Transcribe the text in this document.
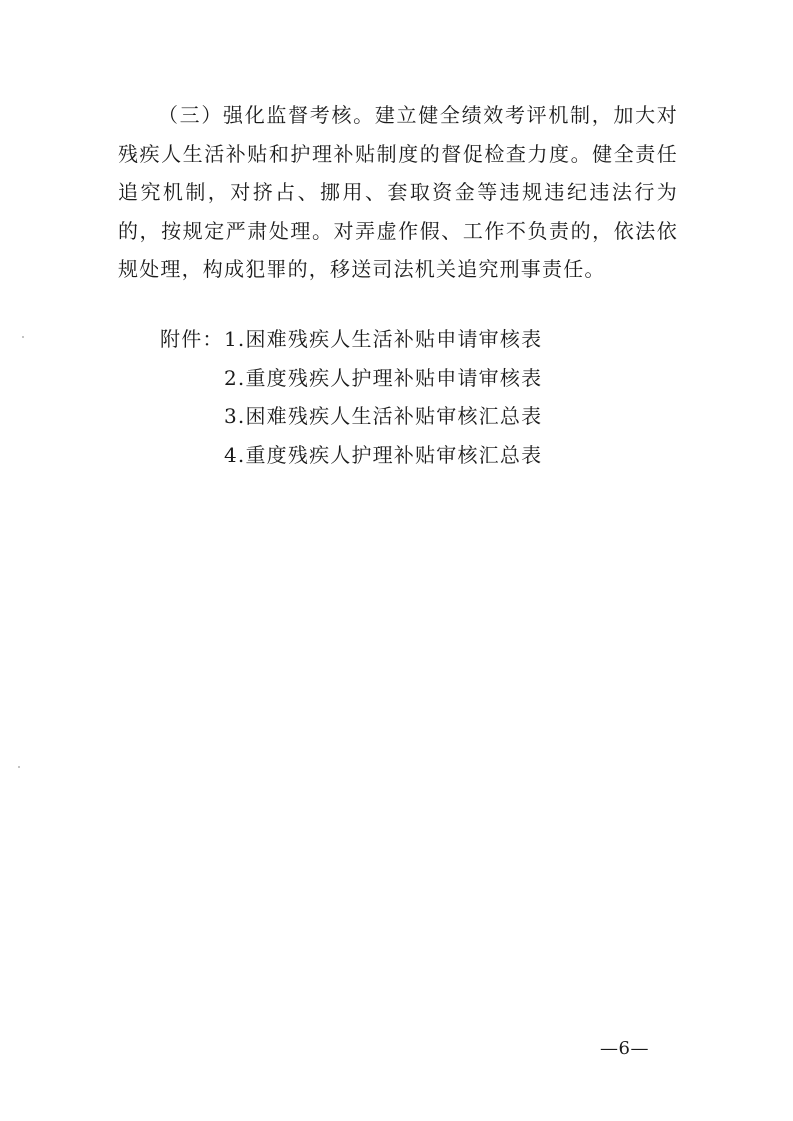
（三）强化监督考核。建立健全绩效考评机制，加大对残疾人生活补贴和护理补贴制度的督促检查力度。健全责任追究机制，对挤占、挪用、套取资金等违规违纪违法行为的，按规定严肃处理。对弄虚作假、工作不负责的，依法依规处理，构成犯罪的，移送司法机关追究刑事责任。

附件： 1.困难残疾人生活补贴申请审核表
2.重度残疾人护理补贴申请审核表
3.困难残疾人生活补贴审核汇总表
4.重度残疾人护理补贴审核汇总表
—6—
